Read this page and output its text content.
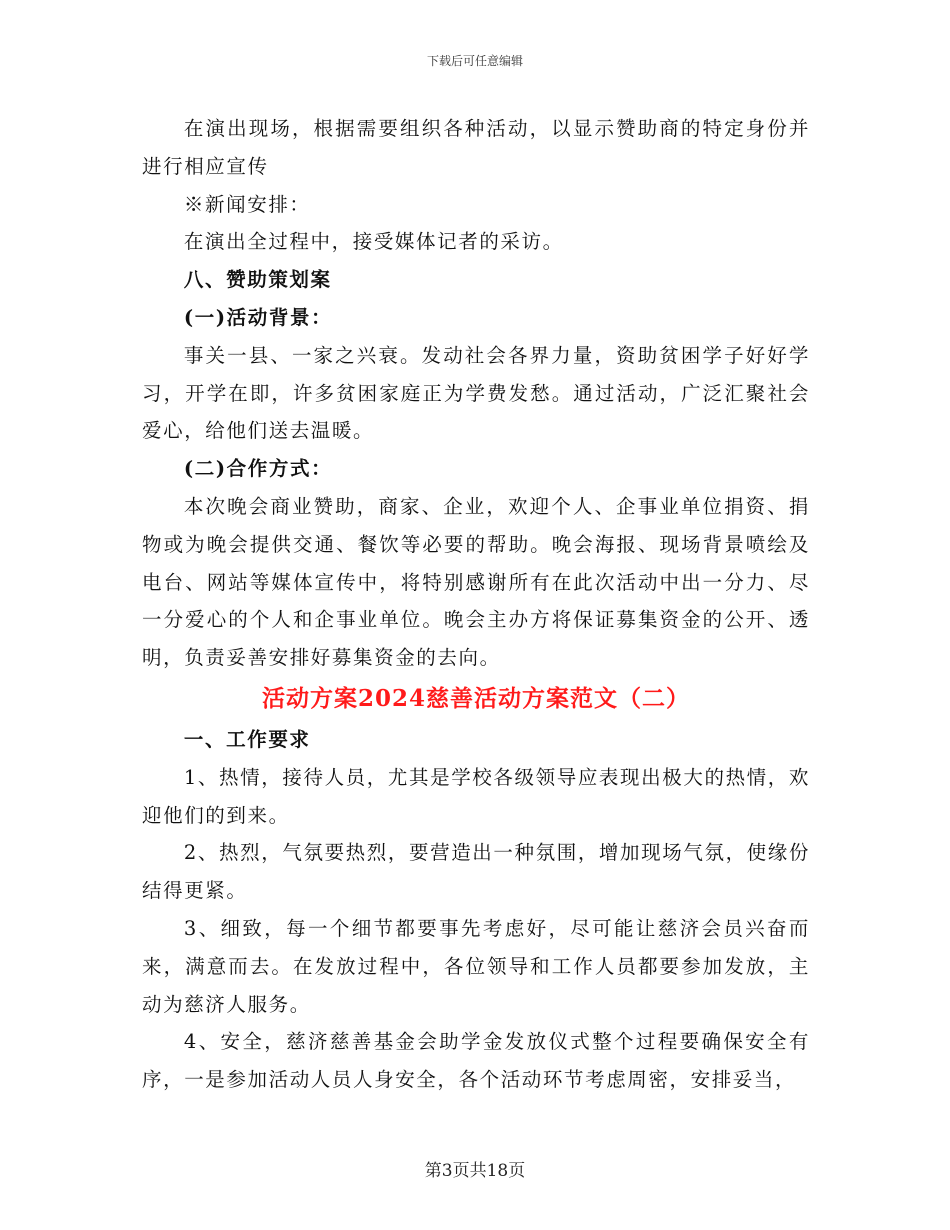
下载后可任意编辑

在演出现场，根据需要组织各种活动，以显示赞助商的特定身份并进行相应宣传

※新闻安排：

在演出全过程中，接受媒体记者的采访。

八、赞助策划案

(一)活动背景：

事关一县、一家之兴衰。发动社会各界力量，资助贫困学子好好学习，开学在即，许多贫困家庭正为学费发愁。通过活动，广泛汇聚社会爱心，给他们送去温暖。

(二)合作方式：

本次晚会商业赞助，商家、企业，欢迎个人、企事业单位捐资、捐物或为晚会提供交通、餐饮等必要的帮助。晚会海报、现场背景喷绘及电台、网站等媒体宣传中，将特别感谢所有在此次活动中出一分力、尽一分爱心的个人和企事业单位。晚会主办方将保证募集资金的公开、透明，负责妥善安排好募集资金的去向。

活动方案2024慈善活动方案范文（二）

一、工作要求

1、热情，接待人员，尤其是学校各级领导应表现出极大的热情，欢迎他们的到来。

2、热烈，气氛要热烈，要营造出一种氛围，增加现场气氛，使缘份结得更紧。

3、细致，每一个细节都要事先考虑好，尽可能让慈济会员兴奋而来，满意而去。在发放过程中，各位领导和工作人员都要参加发放，主动为慈济人服务。

4、安全，慈济慈善基金会助学金发放仪式整个过程要确保安全有序，一是参加活动人员人身安全，各个活动环节考虑周密，安排妥当，

第3页共18页
